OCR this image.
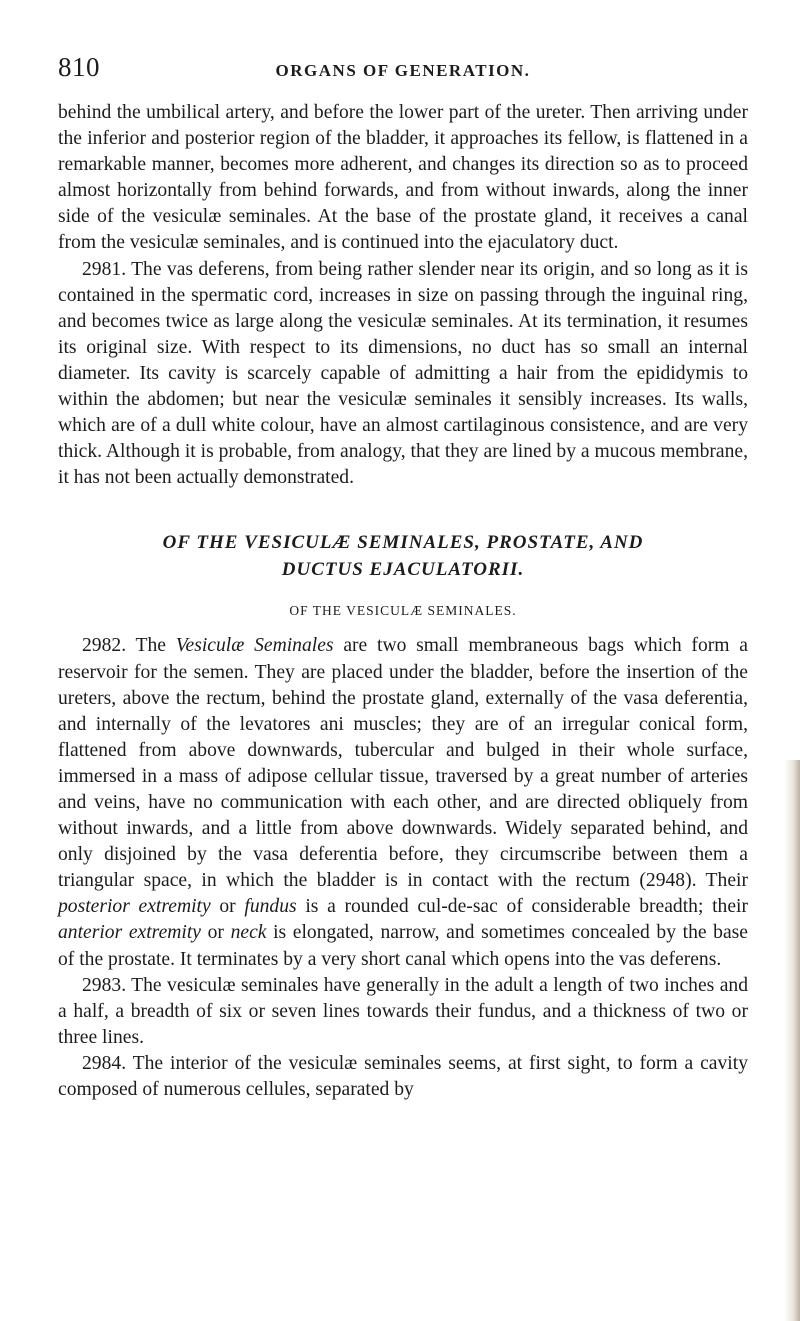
810	ORGANS OF GENERATION.

behind the umbilical artery, and before the lower part of the ureter. Then arriving under the inferior and posterior region of the bladder, it approaches its fellow, is flattened in a remarkable manner, becomes more adherent, and changes its direction so as to proceed almost horizontally from behind forwards, and from without inwards, along the inner side of the vesiculæ seminales. At the base of the prostate gland, it receives a canal from the vesiculæ seminales, and is continued into the ejaculatory duct.

2981. The vas deferens, from being rather slender near its origin, and so long as it is contained in the spermatic cord, increases in size on passing through the inguinal ring, and becomes twice as large along the vesiculæ seminales. At its termination, it resumes its original size. With respect to its dimensions, no duct has so small an internal diameter. Its cavity is scarcely capable of admitting a hair from the epididymis to within the abdomen; but near the vesiculæ seminales it sensibly increases. Its walls, which are of a dull white colour, have an almost cartilaginous consistence, and are very thick. Although it is probable, from analogy, that they are lined by a mucous membrane, it has not been actually demonstrated.

OF THE VESICULÆ SEMINALES, PROSTATE, AND
DUCTUS EJACULATORII.
OF THE VESICULÆ SEMINALES.

2982. The Vesiculæ Seminales are two small membraneous bags which form a reservoir for the semen. They are placed under the bladder, before the insertion of the ureters, above the rectum, behind the prostate gland, externally of the vasa deferentia, and internally of the levatores ani muscles; they are of an irregular conical form, flattened from above downwards, tubercular and bulged in their whole surface, immersed in a mass of adipose cellular tissue, traversed by a great number of arteries and veins, have no communication with each other, and are directed obliquely from without inwards, and a little from above downwards. Widely separated behind, and only disjoined by the vasa deferentia before, they circumscribe between them a triangular space, in which the bladder is in contact with the rectum (2948). Their posterior extremity or fundus is a rounded cul-de-sac of considerable breadth; their anterior extremity or neck is elongated, narrow, and sometimes concealed by the base of the prostate. It terminates by a very short canal which opens into the vas deferens.

2983. The vesiculæ seminales have generally in the adult a length of two inches and a half, a breadth of six or seven lines towards their fundus, and a thickness of two or three lines.

2984. The interior of the vesiculæ seminales seems, at first sight, to form a cavity composed of numerous cellules, separated by
